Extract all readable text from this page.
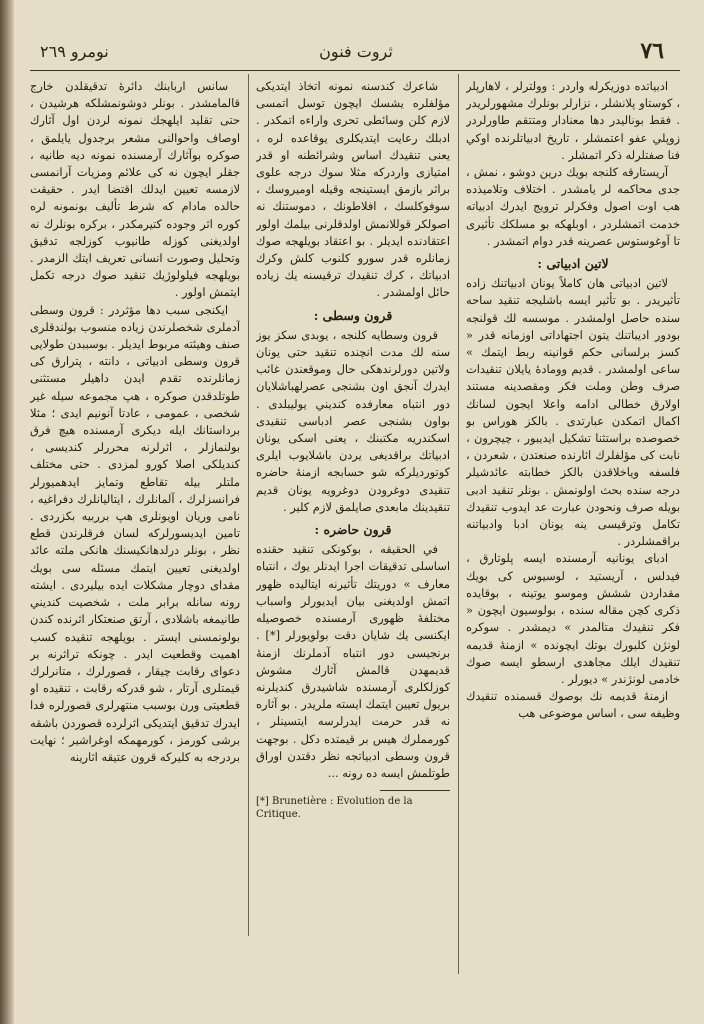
٧٦
ثروت فنون
نومرو ٢٦٩

ادبياتده دوزيكرله واردر : وولترلر ، لاهارپلر ، كوستاو پلانشلر ، نزارلر بونلرك مشهورلريدر . فقط بوناليدر دها معنادار ومتتقم طاورلردر زوپلي عفو اعتمشلر ، تاريخ ادبياتلرنده اوكي فنا صفتلرله ذكر اتمشلر .

آريستارقه كلنجه بويك درين دوشو ، نمش ، جدى محاكمه لر يامشدر . اختلاف وتلاميذده هب اوت اصول وفكرلر ترويج ايدرك ادبياته خدمت اتمشلردر ، اوبلهكه بو مسلكك تأثيرى تا آوغوستوس عصرينه قدر دوام اتمشدر .

لاتين ادبياتى :

لاتين ادبياتى هان كاملاً يونان ادبياتنك زاده تأثيريدر . بو تأثير ايسه باشليجه تنقيد ساحه سنده حاصل اولمشدر . موسسه لك قولنجه بودور اديباتنك يتون اجتهاداتى اوزمانه قدر « كسز برلسانى حكم قوانينه ربط ايتمك » ساعى اولمشدر . قديم وومادهٔ يايلان تنقيدات صرف وطن وملت فكر ومقصدينه مستند اولارق خطالى ادامه واعلا ايجون لسانك اكمال اتمكدن عبارتدى . بالكز هوراس بو خصوصده براستثنا تشكيل ايديبور ، چيچرون ، نابت كى مؤلفلرك اثارنده صنعتدن ، شعردن ، فلسفه وياخلاقدن بالكز خطابته عائدشيلر درجه سنده بحث اولونمش . بونلر تنقيد ادبى بويله صرف ونحودن عبارت عد ايدوب تنقيدك تكامل وترقيسى ينه يونان ادبا وادبياتنه براقمشلردر .

ادباى يونانيه آرمسنده ايسه پلوتارق ، فيدلس ، آريستيد ، لوسيوس كى بويك مقداردن ششش وموسو يوتينه ، بوقايده ذكرى كچن مقاله سنده ، بولوسيون ايچون « فكر تنقيدك متالمدر » ديمشدر . سوكره لونژن كلبورك بوتك ايچونده » ازمنهٔ قديمه تنقيدك ايلك مجاهدى ارسطو ايسه صوك خادمى لونژندر » ديورلر .

ازمنهٔ قديمه نك بوصوك قسمنده تنقيدك وظيفه سى ، اساس موضوعى هب

شاعرك كندسنه نمونه اتخاذ ايتديكى مؤلفلره يشسك ايچون توسل اتمسى لازم كلن وسائطى تحرى واراءه اتمكدر . ادبلك رعايت ايتديكلرى يوقاعده لره ، يعنى تنقيدك اساس وشرائطنه او قدر امتيازى واردركه مثلا سوك درجه علوى براثر بازمق ايستينجه وقيله اوميروسك ، سوفوكلسك ، افلاطونك ، دموستنك نه اصولكر قوللانمش اولدقلرنى بيلمك اولور اعتقادنده ايديلر . بو اعتقاد بويلهجه صوك زمانلره قدر سورو كلنوب كلش وكرك ادبياتك ، كرك تنقيدك ترقيسنه يك زياده حائل اولمشدر .

قرون وسطى :

قرون وسطايه كلنجه ، يوبدى سكز يوز سنه لك مدت انچنده تنقيد حتى يونان ولاتين دورلرندهكى حال وموقعندن غائب ايدرك آنجق اون بشنجى عصرلهباشلايان دور انتباه معارفده كنديني يوليبلدى . بواون بشنجى عصر ادباسى تنقيدى اسكندريه مكتبنك ، يعنى اسكى يونان ادبياتك براقديغى يردن باشلايوب ايلرى كوتورديلركه شو حسابجه ازمنهٔ حاضره تنقيدى دوغرودن دوغرويه يونان قديم تنقيدينك مابعدى صايلمق لازم كلير .

قرون حاضره :

في الحقيقه ، بوكونكى تنقيد حقنده اساسلى تدقيقات اجرا ايدنلر يوك ، انتباه معارف » دوريتك تأثيرنه ايتاليده ظهور اتمش اولديغنى بيان ايديورلر واسباب مختلفهٔ ظهورى آرمسنده خصوصيله ايكنسى يك شايان دقت بولويورلر [*] . برنجيسى دور انتباه آدملرنك ازمنهٔ قديمهدن قالمش آثارك مشوش كوزلكلرى آرمسنده شاشيدرق كنديلرنه بريول تعيين ايتمك ايسته ملريدر . بو آثاره نه قدر حرمت ايدرلرسه ايتسينلر ، كورمملرك هيس بر قيمتده دكل . بوجهت قرون وسطى ادبياتجه نظر دقتدن اوراق طوتلمش ايسه ده رونه ...

[*] Brunetière : Evolution de la Critique.

سانس اربابنك دائرهٔ تدقيقلدن خارج قالمامشدر . بونلر دوشونمشلكه هرشيدن ، حتى تقليد ايلهجك نمونه لردن اول آثارك اوصاف واحوالنى مشعر برجدول يايلمق ، صوكره بوآثارك آرمسنده نمونه ديه طانيه ، جقلر ايچون نه كى علائم ومزيات آرانمسى لازمسه تعيين ايدلك اقتضا ايدر . حقيقت حالده مادام كه شرط تأليف بونمونه لره كوره اثر وجوده كتيرمكدر ، بركره بونلرك نه اولديغنى كوزله طانيوب كوزلجه تدقيق وتحليل وصورت انسانى تعريف ايتك الزمدر . بويلهجه فيلولوژيك تنقيد صوك درجه تكمل ايتمش اولور .

ايكنجى سبب دها مؤثردر : قرون وسطى آدملرى شخصلرندن زياده منسوب بولندقلرى صنف وهيئته مربوط ايديلر . بوسببدن طولايى قرون وسطى ادبياتى ، دانته ، پترارق كى زمانلرنده تقدم ايدن داهيلر مستثنى طوتلدقدن صوكره ، هپ مجموعه سيله غير شخصى ، عمومى ، عادتا آنونيم ايدى ؛ مثلا برداستانك ايله ديكرى آرمسنده هيچ فرق بولنمازلر ، اثرلرنه محررلر كنديسى ، كنديلكى اصلا كورو لمزدى . حتى مختلف ملتلر بيله تقاطع وتمايز ايدهميورلر فرانسزلرك ، آلمانلرك ، ايتاليانلرك دفراغيه ، نامى وريان اويونلرى هپ برربيه بكزردى . تامين ايديسورلركه لسان فرقلرندن قطع نظر ، بونلر درلدهانكيسنك هانكى ملته عائد اولديغنى تعيين ايتمك مسئله سى بويك مقداى دوچار مشكلات ايده بيليردى . ايشته رونه سانله برابر ملت ، شخصيت كنديني طانيمغه باشلادى ، آرتق صنعتكار اثرنده كندن بولونمسنى ايستر . بويلهجه تنقيده كسب اهميت وقطعيت ايدر . چونكه تراثرنه بر دعواى رقابت چيقار ، قصورلرك ، متانرلرك قيمتلرى آرتار ، شو قدركه رقابت ، تنقيده او قطعيتى ورن بوسبب منتهرلرى قصورلره فدا ايدرك تدقيق ايتديكى اثرلرده قصوردن باشقه برشى كورمز ، كورمهمكه اوغراشير ؛ نهايت بردرجه به كليركه قرون عتيقه اثارينه
